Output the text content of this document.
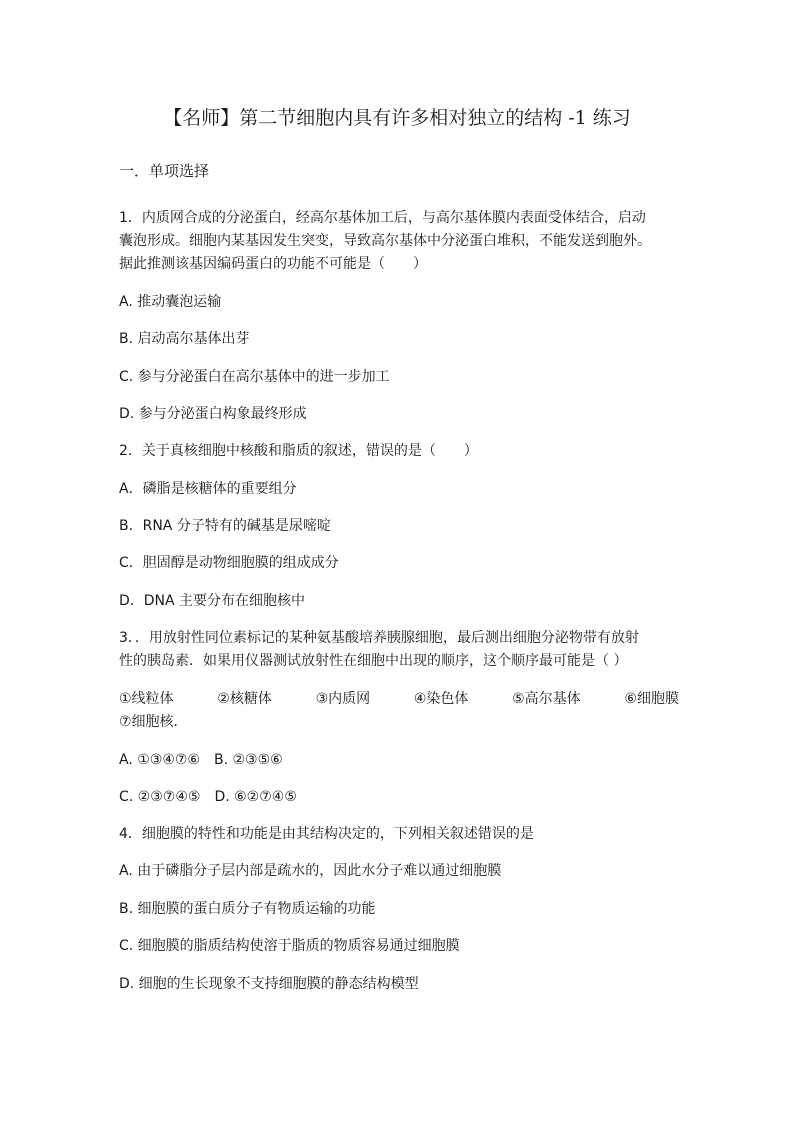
【名师】第二节细胞内具有许多相对独立的结构 -1 练习
一．单项选择
1．内质网合成的分泌蛋白，经高尔基体加工后，与高尔基体膜内表面受体结合，启动
囊泡形成。细胞内某基因发生突变，导致高尔基体中分泌蛋白堆积，不能发送到胞外。
据此推测该基因编码蛋白的功能不可能是（　　）
A. 推动囊泡运输
B. 启动高尔基体出芽
C. 参与分泌蛋白在高尔基体中的进一步加工
D. 参与分泌蛋白构象最终形成
2．关于真核细胞中核酸和脂质的叙述，错误的是（　　）
A．磷脂是核糖体的重要组分
B．RNA 分子特有的碱基是尿嘧啶
C．胆固醇是动物细胞膜的组成成分
D．DNA 主要分布在细胞核中
3．．用放射性同位素标记的某种氨基酸培养胰腺细胞，最后测出细胞分泌物带有放射
性的胰岛素．如果用仪器测试放射性在细胞中出现的顺序，这个顺序最可能是（ ）
①线粒体	②核糖体	③内质网	④染色体	⑤高尔基体	⑥细胞膜
⑦细胞核．
A. ①③④⑦⑥ B. ②③⑤⑥
C. ②③⑦④⑤ D. ⑥②⑦④⑤
4．细胞膜的特性和功能是由其结构决定的，下列相关叙述错误的是
A. 由于磷脂分子层内部是疏水的，因此水分子难以通过细胞膜
B. 细胞膜的蛋白质分子有物质运输的功能
C. 细胞膜的脂质结构使溶于脂质的物质容易通过细胞膜
D. 细胞的生长现象不支持细胞膜的静态结构模型
